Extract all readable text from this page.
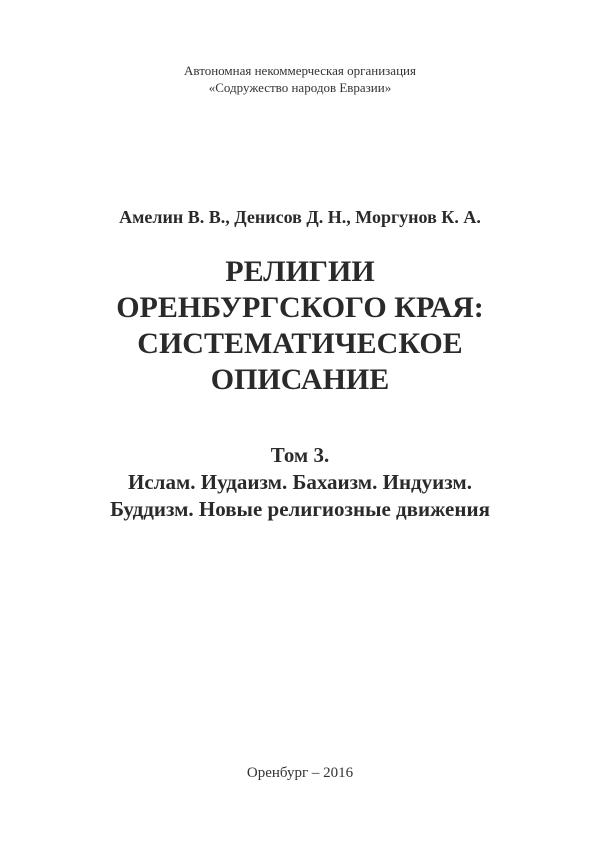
Автономная некоммерческая организация
«Содружество народов Евразии»
Амелин В. В., Денисов Д. Н., Моргунов К. А.
РЕЛИГИИ
ОРЕНБУРГСКОГО КРАЯ:
СИСТЕМАТИЧЕСКОЕ
ОПИСАНИЕ
Том 3.
Ислам. Иудаизм. Бахаизм. Индуизм.
Буддизм. Новые религиозные движения
Оренбург – 2016
